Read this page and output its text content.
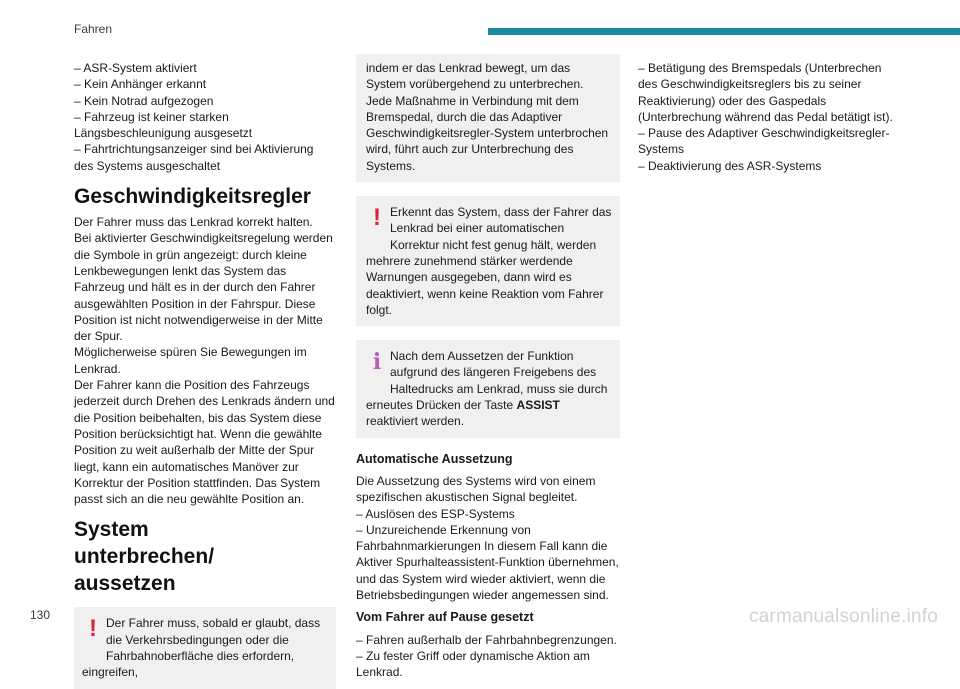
Fahren

– ASR-System aktiviert

– Kein Anhänger erkannt

– Kein Notrad aufgezogen

– Fahrzeug ist keiner starken Längsbeschleunigung ausgesetzt

– Fahrtrichtungsanzeiger sind bei Aktivierung des Systems ausgeschaltet

Geschwindigkeitsregler

Der Fahrer muss das Lenkrad korrekt halten.

Bei aktivierter Geschwindigkeitsregelung werden die Symbole in grün angezeigt: durch kleine Lenkbewegungen lenkt das System das Fahrzeug und hält es in der durch den Fahrer ausgewählten Position in der Fahrspur. Diese Position ist nicht notwendigerweise in der Mitte der Spur.

Möglicherweise spüren Sie Bewegungen im Lenkrad.

Der Fahrer kann die Position des Fahrzeugs jederzeit durch Drehen des Lenkrads ändern und die Position beibehalten, bis das System diese Position berücksichtigt hat. Wenn die gewählte Position zu weit außerhalb der Mitte der Spur liegt, kann ein automatisches Manöver zur Korrektur der Position stattfinden. Das System passt sich an die neu gewählte Position an.

System unterbrechen/ aussetzen

! Der Fahrer muss, sobald er glaubt, dass die Verkehrsbedingungen oder die Fahrbahnoberfläche dies erfordern, eingreifen,

indem er das Lenkrad bewegt, um das System vorübergehend zu unterbrechen. Jede Maßnahme in Verbindung mit dem Bremspedal, durch die das Adaptiver Geschwindigkeitsregler-System unterbrochen wird, führt auch zur Unterbrechung des Systems.

! Erkennt das System, dass der Fahrer das Lenkrad bei einer automatischen Korrektur nicht fest genug hält, werden mehrere zunehmend stärker werdende Warnungen ausgegeben, dann wird es deaktiviert, wenn keine Reaktion vom Fahrer folgt.

i Nach dem Aussetzen der Funktion aufgrund des längeren Freigebens des Haltedrucks am Lenkrad, muss sie durch erneutes Drücken der Taste ASSIST reaktiviert werden.

Automatische Aussetzung

Die Aussetzung des Systems wird von einem spezifischen akustischen Signal begleitet.

– Auslösen des ESP-Systems

– Unzureichende Erkennung von Fahrbahnmarkierungen In diesem Fall kann die Aktiver Spurhalteassistent-Funktion übernehmen, und das System wird wieder aktiviert, wenn die Betriebsbedingungen wieder angemessen sind.

Vom Fahrer auf Pause gesetzt

– Fahren außerhalb der Fahrbahnbegrenzungen.

– Zu fester Griff oder dynamische Aktion am Lenkrad.

– Betätigung des Bremspedals (Unterbrechen des Geschwindigkeitsreglers bis zu seiner Reaktivierung) oder des Gaspedals (Unterbrechung während das Pedal betätigt ist).

– Pause des Adaptiver Geschwindigkeitsregler-Systems

– Deaktivierung des ASR-Systems

130	carmanualsonline.info
